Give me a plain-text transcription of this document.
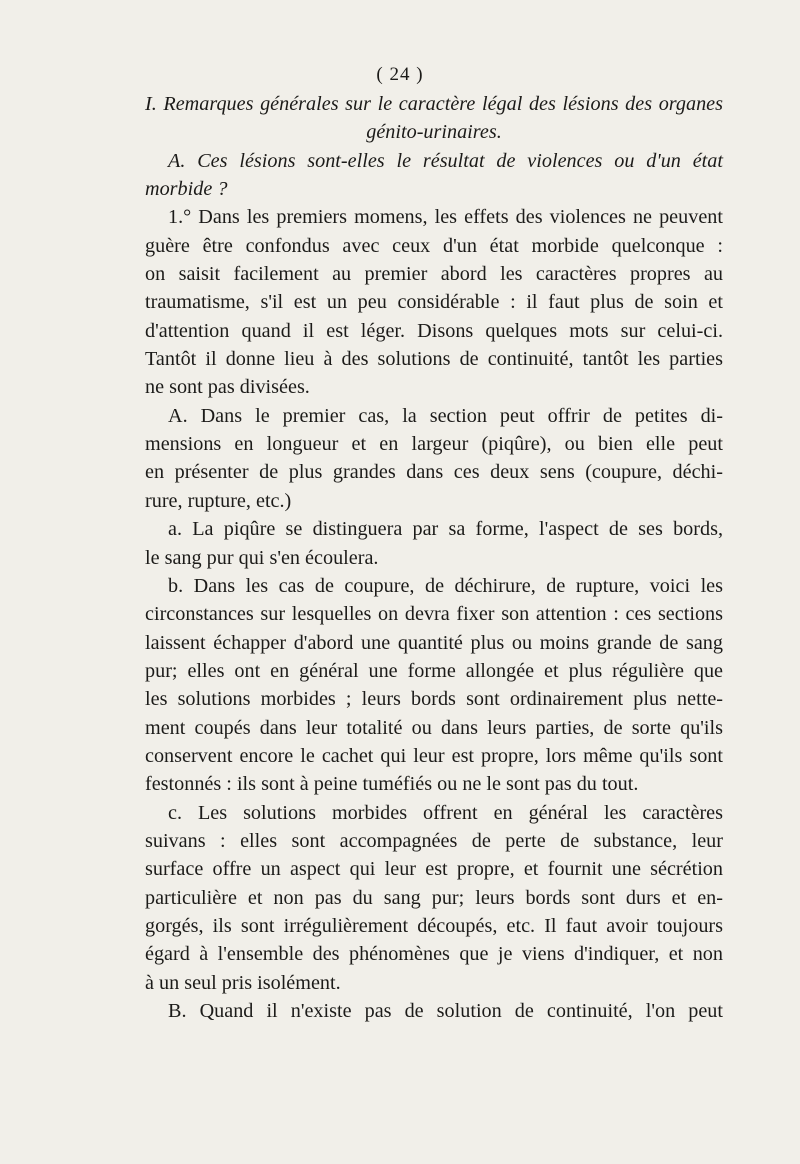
( 24 )

I. Remarques générales sur le caractère légal des lésions des organes

génito-urinaires.

A. Ces lésions sont-elles le résultat de violences ou d'un état

morbide ?

1.° Dans les premiers momens, les effets des violences ne peuvent

guère être confondus avec ceux d'un état morbide quelconque :

on saisit facilement au premier abord les caractères propres au

traumatisme, s'il est un peu considérable : il faut plus de soin et

d'attention quand il est léger. Disons quelques mots sur celui-ci.

Tantôt il donne lieu à des solutions de continuité, tantôt les parties

ne sont pas divisées.

A. Dans le premier cas, la section peut offrir de petites di-

mensions en longueur et en largeur (piqûre), ou bien elle peut

en présenter de plus grandes dans ces deux sens (coupure, déchi-

rure, rupture, etc.)

a. La piqûre se distinguera par sa forme, l'aspect de ses bords,

le sang pur qui s'en écoulera.

b. Dans les cas de coupure, de déchirure, de rupture, voici les

circonstances sur lesquelles on devra fixer son attention : ces sections

laissent échapper d'abord une quantité plus ou moins grande de sang

pur; elles ont en général une forme allongée et plus régulière que

les solutions morbides ; leurs bords sont ordinairement plus nette-

ment coupés dans leur totalité ou dans leurs parties, de sorte qu'ils

conservent encore le cachet qui leur est propre, lors même qu'ils sont

festonnés : ils sont à peine tuméfiés ou ne le sont pas du tout.

c. Les solutions morbides offrent en général les caractères

suivans : elles sont accompagnées de perte de substance, leur

surface offre un aspect qui leur est propre, et fournit une sécrétion

particulière et non pas du sang pur; leurs bords sont durs et en-

gorgés, ils sont irrégulièrement découpés, etc. Il faut avoir toujours

égard à l'ensemble des phénomènes que je viens d'indiquer, et non

à un seul pris isolément.

B. Quand il n'existe pas de solution de continuité, l'on peut
